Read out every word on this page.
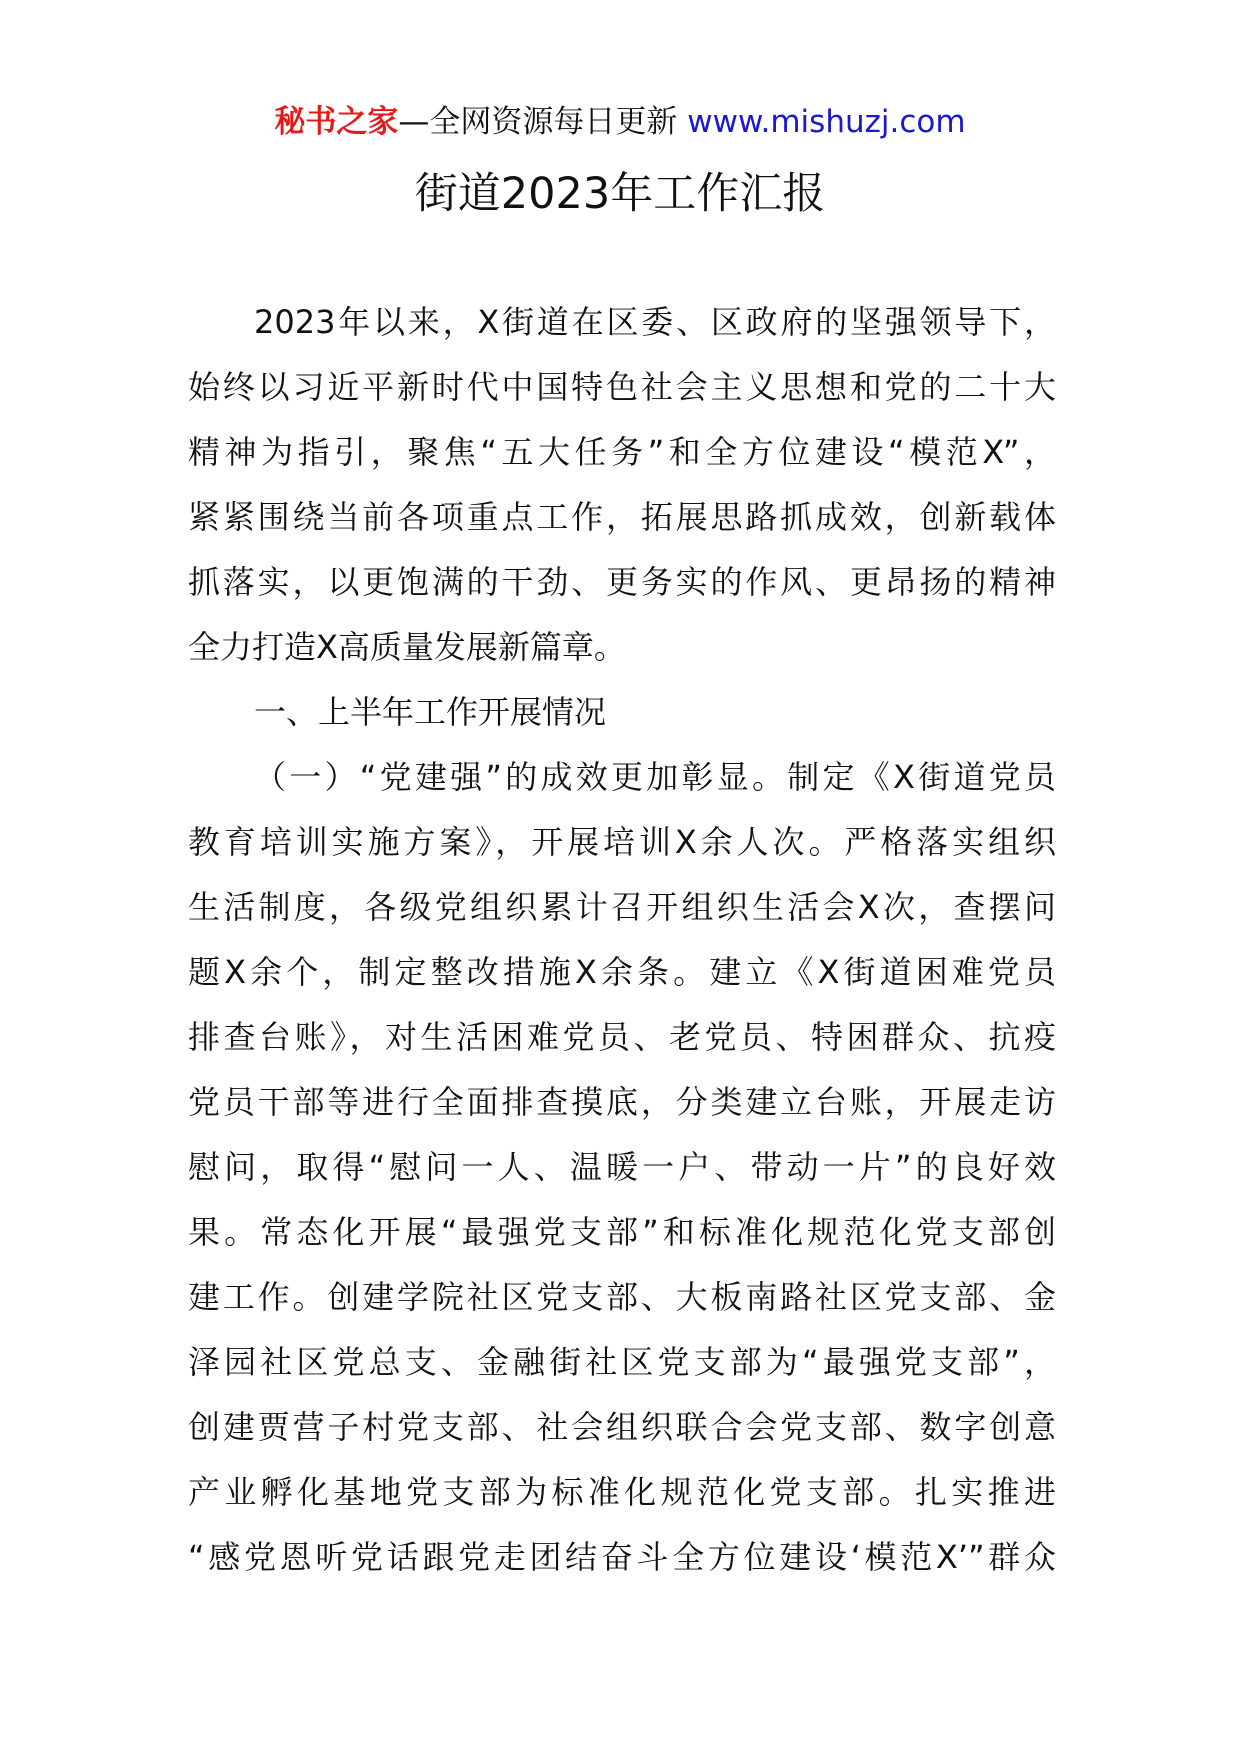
秘书之家—全网资源每日更新 www.mishuzj.com
街道2023年工作汇报
2023年以来，X街道在区委、区政府的坚强领导下，
始终以习近平新时代中国特色社会主义思想和党的二十大
精神为指引，聚焦“五大任务”和全方位建设“模范X”，
紧紧围绕当前各项重点工作，拓展思路抓成效，创新载体
抓落实，以更饱满的干劲、更务实的作风、更昂扬的精神
全力打造X高质量发展新篇章。
一、上半年工作开展情况
（一）“党建强”的成效更加彰显。制定《X街道党员
教育培训实施方案》，开展培训X余人次。严格落实组织
生活制度，各级党组织累计召开组织生活会X次，查摆问
题X余个，制定整改措施X余条。建立《X街道困难党员
排查台账》，对生活困难党员、老党员、特困群众、抗疫
党员干部等进行全面排查摸底，分类建立台账，开展走访
慰问，取得“慰问一人、温暖一户、带动一片”的良好效
果。常态化开展“最强党支部”和标准化规范化党支部创
建工作。创建学院社区党支部、大板南路社区党支部、金
泽园社区党总支、金融街社区党支部为“最强党支部”，
创建贾营子村党支部、社会组织联合会党支部、数字创意
产业孵化基地党支部为标准化规范化党支部。扎实推进
“感党恩听党话跟党走团结奋斗全方位建设‘模范X’”群众
